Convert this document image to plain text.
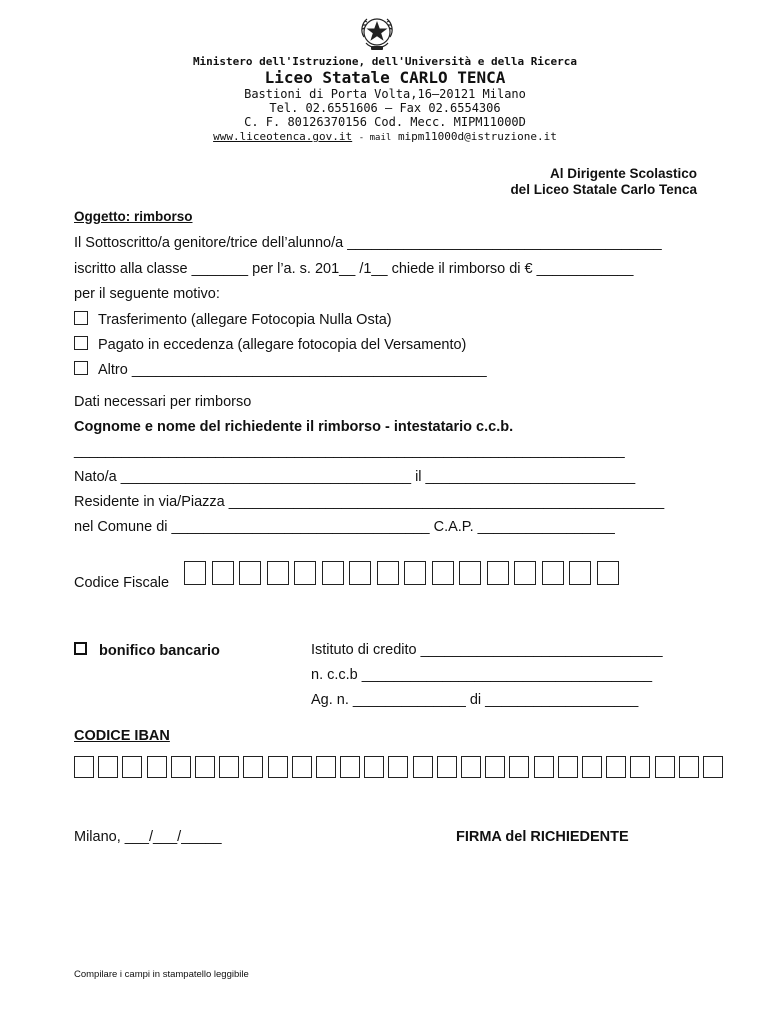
Ministero dell'Istruzione, dell'Università e della Ricerca
Liceo Statale CARLO TENCA
Bastioni di Porta Volta,16–20121 Milano
Tel. 02.6551606 – Fax 02.6554306
C. F. 80126370156 Cod. Mecc. MIPM11000D
www.liceotenca.gov.it - mail mipm11000d@istruzione.it
Al Dirigente Scolastico
del Liceo Statale Carlo Tenca
Oggetto: rimborso
Il Sottoscritto/a genitore/trice dell’alunno/a _______________________________________
iscritto alla classe _______ per l’a. s. 201__ /1__ chiede il rimborso di € ____________
per il seguente motivo:
Trasferimento (allegare Fotocopia Nulla Osta)
Pagato in eccedenza (allegare fotocopia del Versamento)
Altro ____________________________________________
Dati necessari per rimborso
Cognome e nome del richiedente il rimborso - intestatario c.c.b.
______________________________________________________________________
Nato/a ____________________________________ il __________________________
Residente in via/Piazza ______________________________________________________
nel Comune di ________________________________ C.A.P. _________________
Codice Fiscale
bonifico bancario	Istituto di credito ______________________________
n. c.c.b ____________________________________
Ag. n. ______________ di ___________________
CODICE IBAN
Milano, ___/___/_____	FIRMA del RICHIEDENTE
Compilare i campi in stampatello leggibile
